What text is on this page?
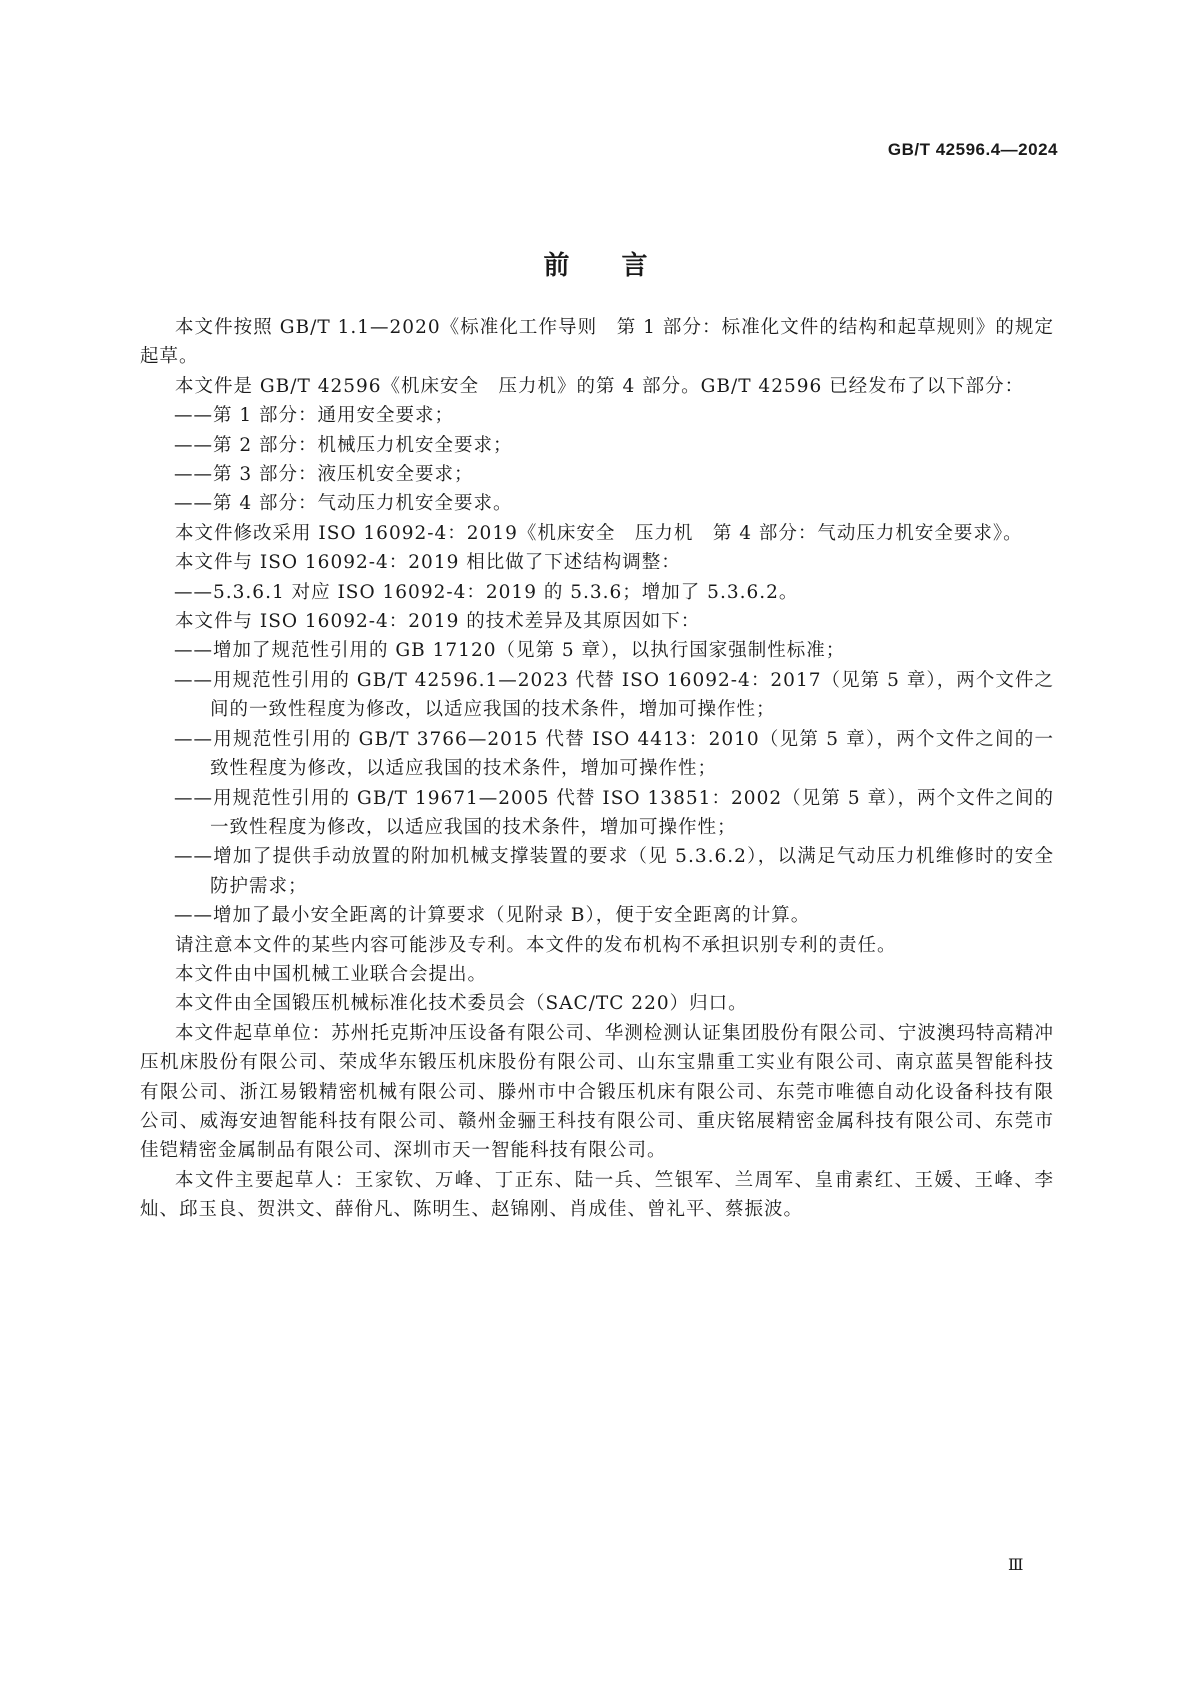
GB/T 42596.4—2024
前 言

本文件按照 GB/T 1.1—2020《标准化工作导则　第 1 部分：标准化文件的结构和起草规则》的规定起草。

本文件是 GB/T 42596《机床安全　压力机》的第 4 部分。GB/T 42596 已经发布了以下部分：

——第 1 部分：通用安全要求；

——第 2 部分：机械压力机安全要求；

——第 3 部分：液压机安全要求；

——第 4 部分：气动压力机安全要求。

本文件修改采用 ISO 16092-4：2019《机床安全　压力机　第 4 部分：气动压力机安全要求》。

本文件与 ISO 16092-4：2019 相比做了下述结构调整：

——5.3.6.1 对应 ISO 16092-4：2019 的 5.3.6；增加了 5.3.6.2。

本文件与 ISO 16092-4：2019 的技术差异及其原因如下：

——增加了规范性引用的 GB 17120（见第 5 章），以执行国家强制性标准；

——用规范性引用的 GB/T 42596.1—2023 代替 ISO 16092-4：2017（见第 5 章），两个文件之间的一致性程度为修改，以适应我国的技术条件，增加可操作性；

——用规范性引用的 GB/T 3766—2015 代替 ISO 4413：2010（见第 5 章），两个文件之间的一致性程度为修改，以适应我国的技术条件，增加可操作性；

——用规范性引用的 GB/T 19671—2005 代替 ISO 13851：2002（见第 5 章），两个文件之间的一致性程度为修改，以适应我国的技术条件，增加可操作性；

——增加了提供手动放置的附加机械支撑装置的要求（见 5.3.6.2），以满足气动压力机维修时的安全防护需求；

——增加了最小安全距离的计算要求（见附录 B），便于安全距离的计算。

请注意本文件的某些内容可能涉及专利。本文件的发布机构不承担识别专利的责任。

本文件由中国机械工业联合会提出。

本文件由全国锻压机械标准化技术委员会（SAC/TC 220）归口。

本文件起草单位：苏州托克斯冲压设备有限公司、华测检测认证集团股份有限公司、宁波澳玛特高精冲压机床股份有限公司、荣成华东锻压机床股份有限公司、山东宝鼎重工实业有限公司、南京蓝昊智能科技有限公司、浙江易锻精密机械有限公司、滕州市中合锻压机床有限公司、东莞市唯德自动化设备科技有限公司、威海安迪智能科技有限公司、赣州金骊王科技有限公司、重庆铭展精密金属科技有限公司、东莞市佳铠精密金属制品有限公司、深圳市天一智能科技有限公司。

本文件主要起草人：王家钦、万峰、丁正东、陆一兵、竺银军、兰周军、皇甫素红、王媛、王峰、李灿、邱玉良、贺洪文、薛佾凡、陈明生、赵锦刚、肖成佳、曾礼平、蔡振波。

Ⅲ
